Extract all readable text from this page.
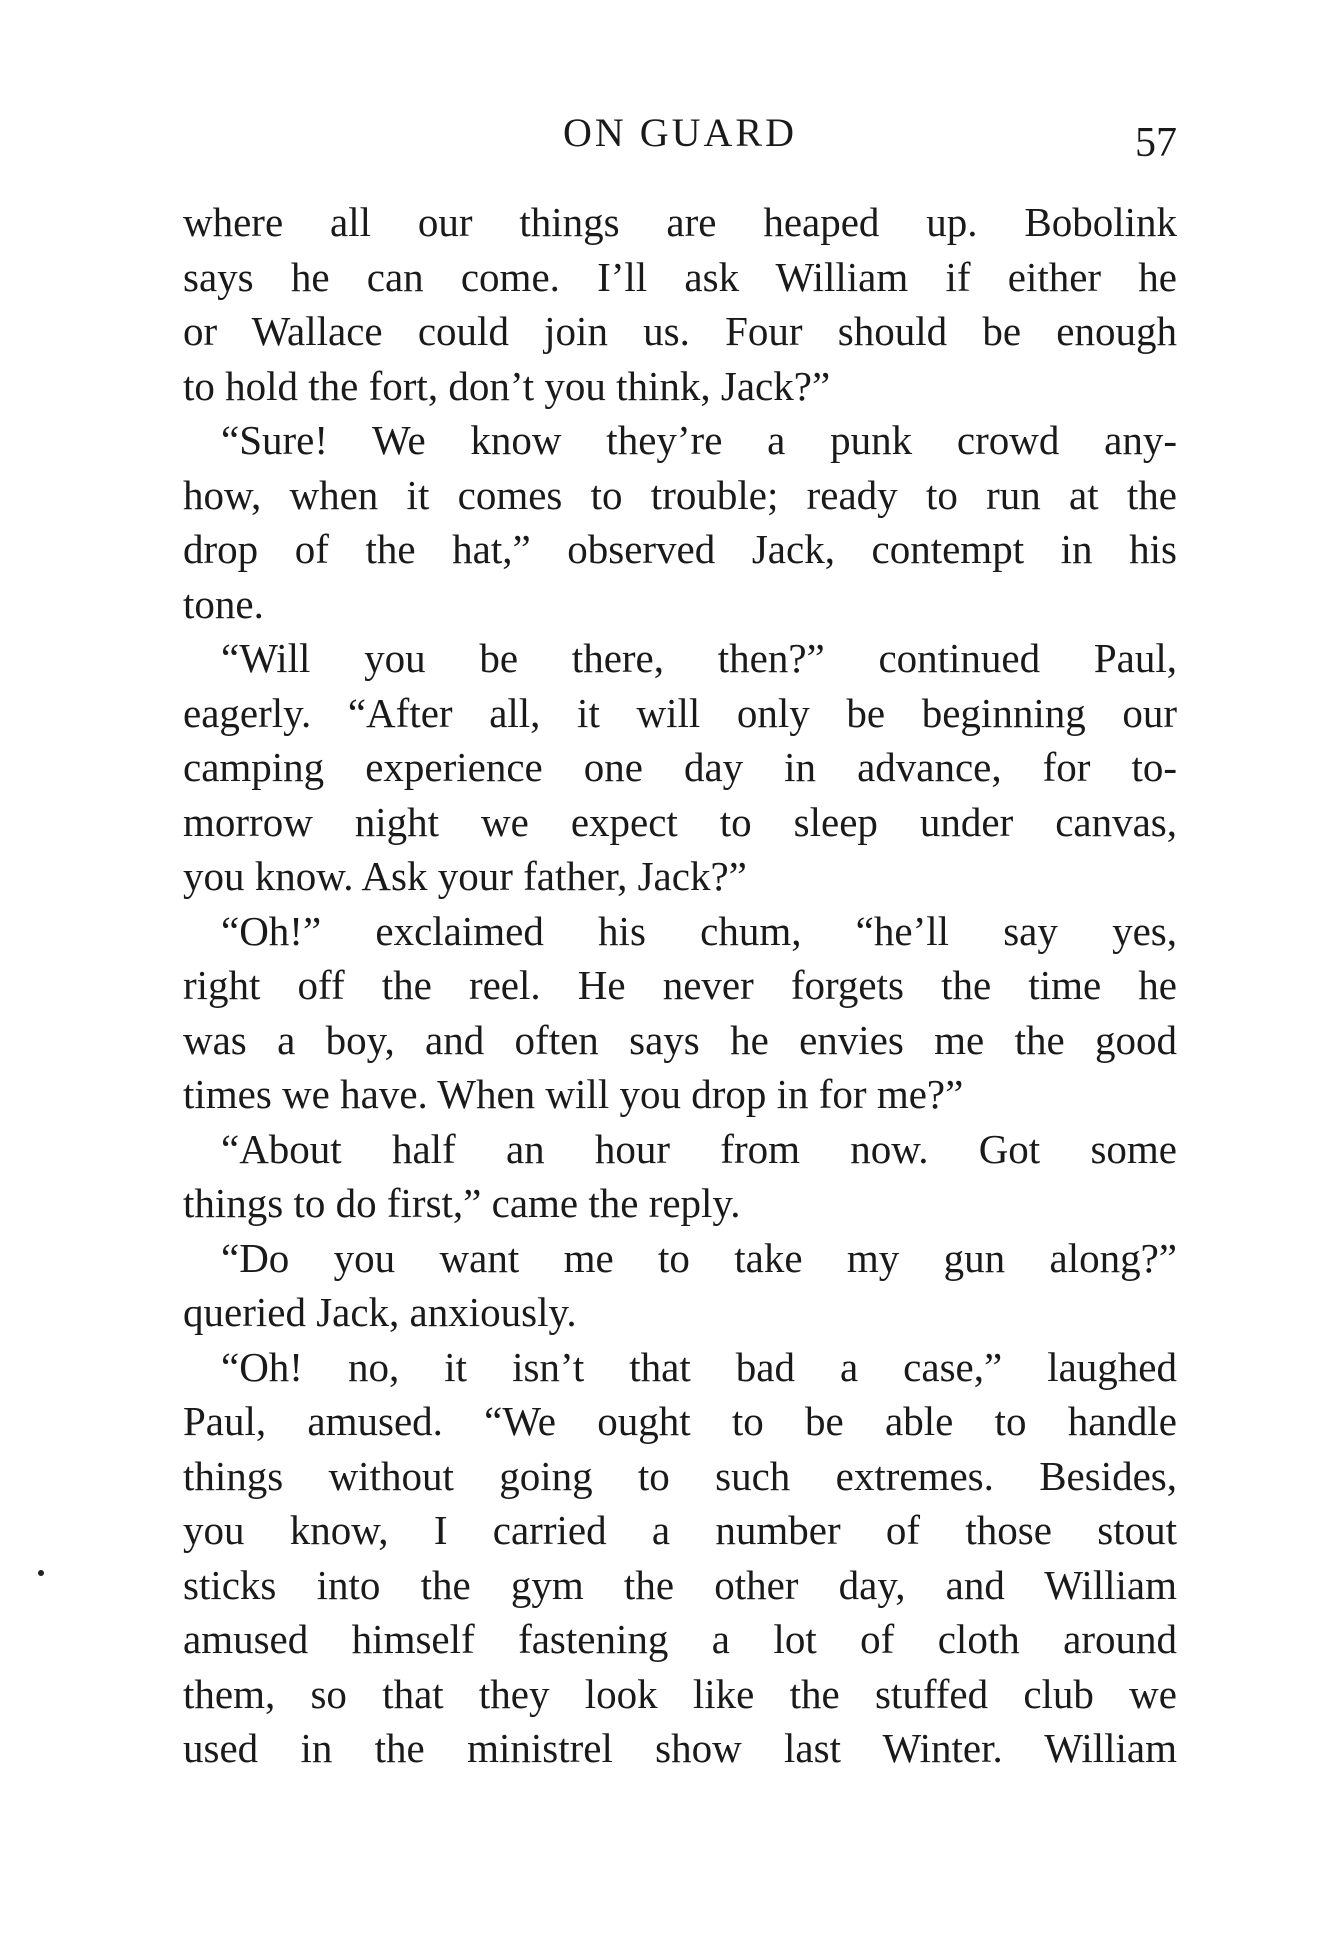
ON GUARD	57
where all our things are heaped up. Bobolink
says he can come. I’ll ask William if either he
or Wallace could join us. Four should be enough
to hold the fort, don’t you think, Jack?”
“Sure! We know they’re a punk crowd any-
how, when it comes to trouble; ready to run at the
drop of the hat,” observed Jack, contempt in his
tone.
“Will you be there, then?” continued Paul,
eagerly. “After all, it will only be beginning our
camping experience one day in advance, for to-
morrow night we expect to sleep under canvas,
you know. Ask your father, Jack?”
“Oh!” exclaimed his chum, “he’ll say yes,
right off the reel. He never forgets the time he
was a boy, and often says he envies me the good
times we have. When will you drop in for me?”
“About half an hour from now. Got some
things to do first,” came the reply.
“Do you want me to take my gun along?”
queried Jack, anxiously.
“Oh! no, it isn’t that bad a case,” laughed
Paul, amused. “We ought to be able to handle
things without going to such extremes. Besides,
you know, I carried a number of those stout
sticks into the gym the other day, and William
amused himself fastening a lot of cloth around
them, so that they look like the stuffed club we
used in the ministrel show last Winter. William
